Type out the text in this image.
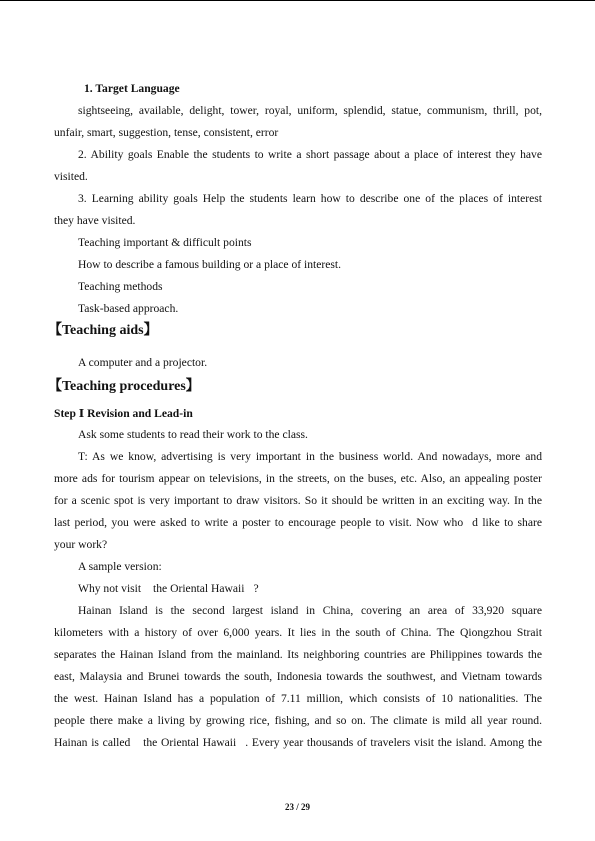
1. Target Language

sightseeing, available, delight, tower, royal, uniform, splendid, statue, communism, thrill, pot,

unfair, smart, suggestion, tense, consistent, error

2. Ability goals Enable the students to write a short passage about a place of interest they have

visited.

3. Learning ability goals Help the students learn how to describe one of the places of interest

they have visited.

Teaching important & difficult points

How to describe a famous building or a place of interest.

Teaching methods

Task-based approach.

【Teaching aids】

A computer and a projector.

【Teaching procedures】

Step Ⅰ Revision and Lead-in

Ask some students to read their work to the class.

T: As we know, advertising is very important in the business world. And nowadays, more and

more ads for tourism appear on televisions, in the streets, on the buses, etc. Also, an appealing poster

for a scenic spot is very important to draw visitors. So it should be written in an exciting way. In the

last period, you were asked to write a poster to encourage people to visit. Now who d like to share

your work?

A sample version:

Why not visit  the Oriental Hawaii ?

Hainan Island is the second largest island in China, covering an area of 33,920 square

kilometers with a history of over 6,000 years. It lies in the south of China. The Qiongzhou Strait

separates the Hainan Island from the mainland. Its neighboring countries are Philippines towards the

east, Malaysia and Brunei towards the south, Indonesia towards the southwest, and Vietnam towards

the west. Hainan Island has a population of 7.11 million, which consists of 10 nationalities. The

people there make a living by growing rice, fishing, and so on. The climate is mild all year round.

Hainan is called  the Oriental Hawaii . Every year thousands of travelers visit the island. Among the

23 / 29
